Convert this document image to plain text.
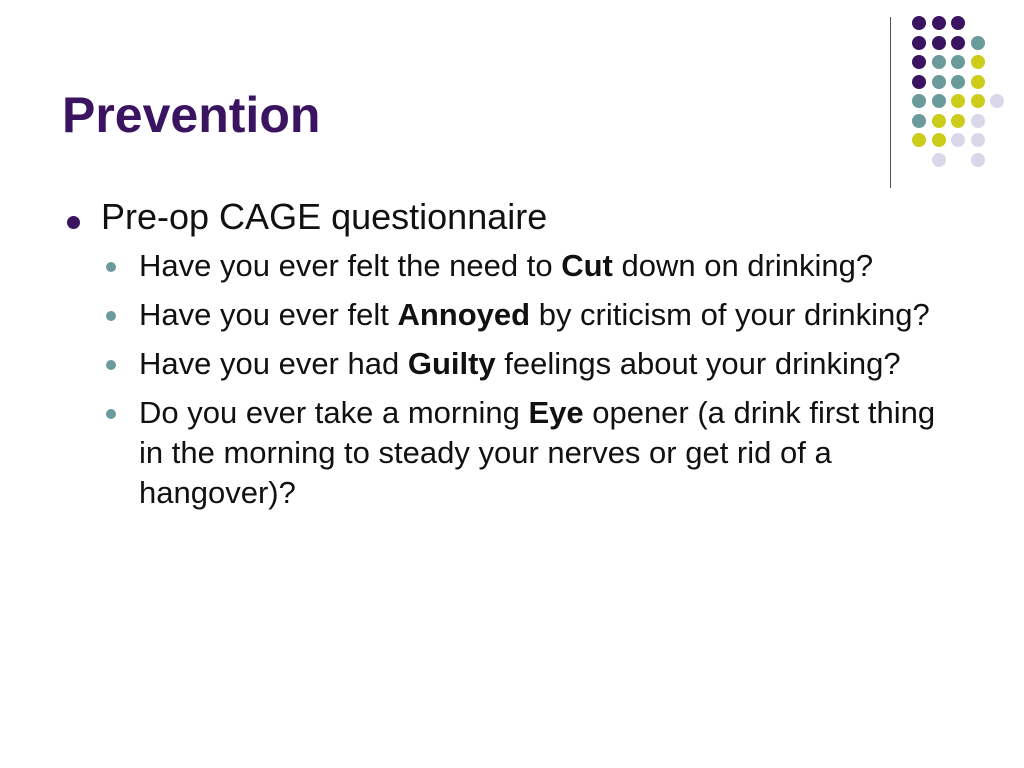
Prevention
Pre-op CAGE questionnaire
Have you ever felt the need to Cut down on drinking?
Have you ever felt Annoyed by criticism of your drinking?
Have you ever had Guilty feelings about your drinking?
Do you ever take a morning Eye opener (a drink first thing in the morning to steady your nerves or get rid of a hangover)?
